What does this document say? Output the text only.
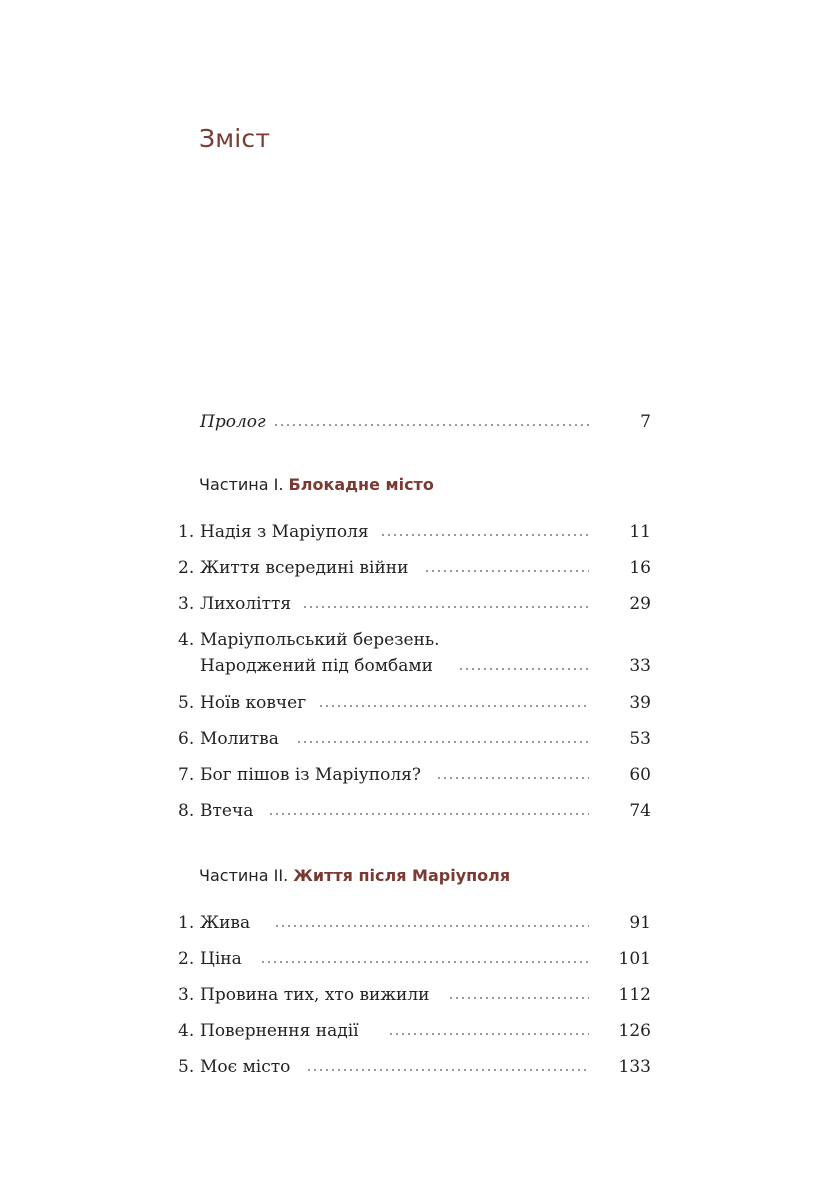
Зміст
Пролог	7
Частина I. Блокадне місто
1. Надія з Маріуполя	11
2. Життя всередині війни	16
3. Лихоліття	29
4. Маріупольський березень.
Народжений під бомбами	33
5. Ноїв ковчег	39
6. Молитва	53
7. Бог пішов із Маріуполя?	60
8. Втеча	74
Частина II. Життя після Маріуполя
1. Жива	91
2. Ціна	101
3. Провина тих, хто вижили	112
4. Повернення надії	126
5. Моє місто	133
